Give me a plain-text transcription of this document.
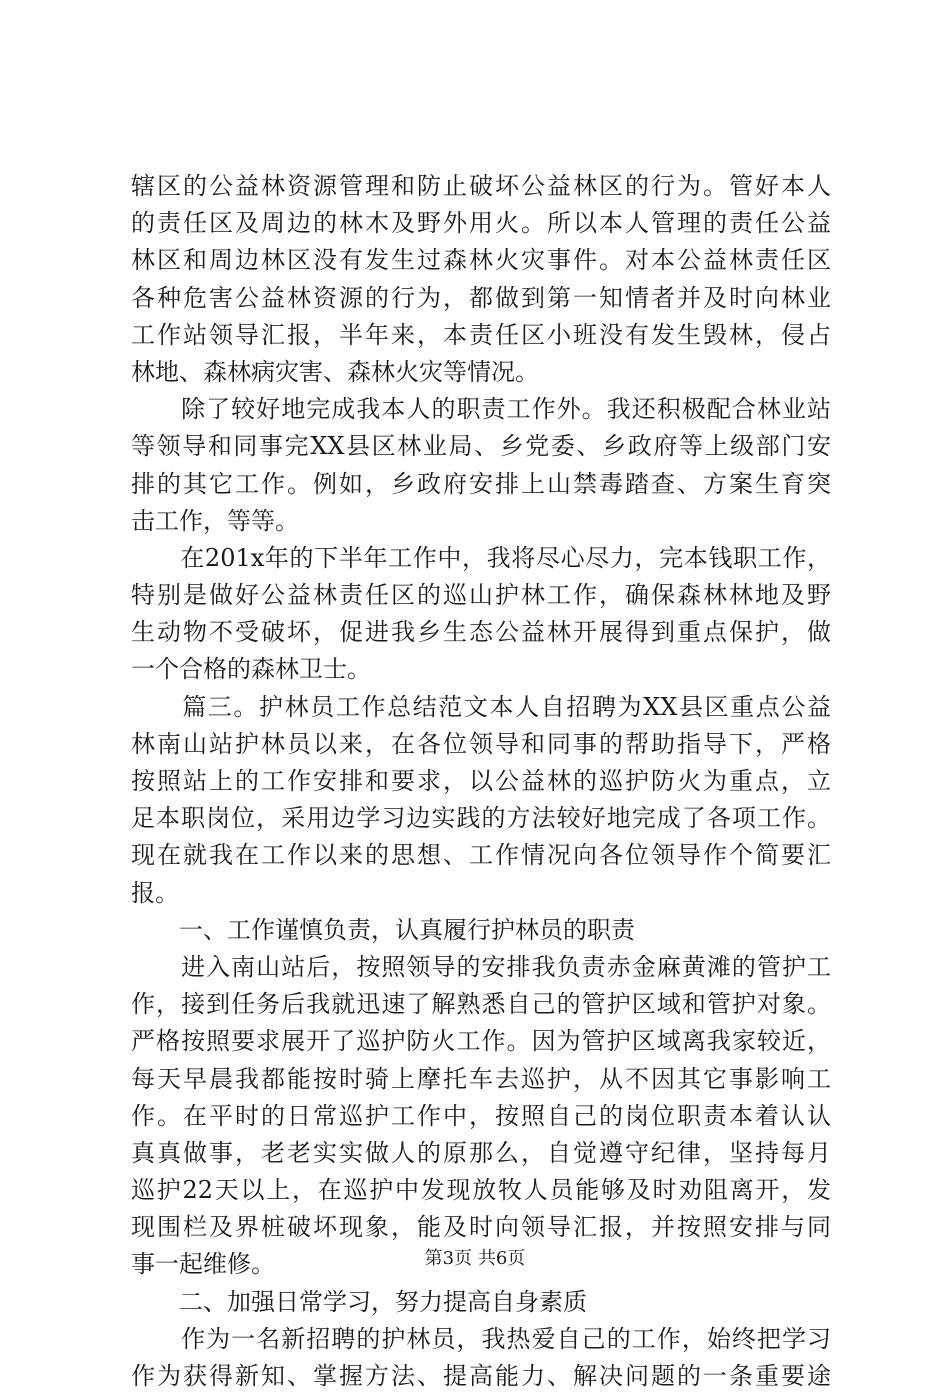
辖区的公益林资源管理和防止破坏公益林区的行为。管好本人
的责任区及周边的林木及野外用火。所以本人管理的责任公益
林区和周边林区没有发生过森林火灾事件。对本公益林责任区
各种危害公益林资源的行为，都做到第一知情者并及时向林业
工作站领导汇报，半年来，本责任区小班没有发生毁林，侵占
林地、森林病灾害、森林火灾等情况。
　　除了较好地完成我本人的职责工作外。我还积极配合林业站
等领导和同事完XX县区林业局、乡党委、乡政府等上级部门安
排的其它工作。例如，乡政府安排上山禁毒踏查、方案生育突
击工作，等等。
　　在201x年的下半年工作中，我将尽心尽力，完本钱职工作，
特别是做好公益林责任区的巡山护林工作，确保森林林地及野
生动物不受破坏，促进我乡生态公益林开展得到重点保护，做
一个合格的森林卫士。
　　篇三。护林员工作总结范文本人自招聘为XX县区重点公益
林南山站护林员以来，在各位领导和同事的帮助指导下，严格
按照站上的工作安排和要求，以公益林的巡护防火为重点，立
足本职岗位，采用边学习边实践的方法较好地完成了各项工作。
现在就我在工作以来的思想、工作情况向各位领导作个简要汇
报。
　　一、工作谨慎负责，认真履行护林员的职责
　　进入南山站后，按照领导的安排我负责赤金麻黄滩的管护工
作，接到任务后我就迅速了解熟悉自己的管护区域和管护对象。
严格按照要求展开了巡护防火工作。因为管护区域离我家较近，
每天早晨我都能按时骑上摩托车去巡护，从不因其它事影响工
作。在平时的日常巡护工作中，按照自己的岗位职责本着认认
真真做事，老老实实做人的原那么，自觉遵守纪律，坚持每月
巡护22天以上，在巡护中发现放牧人员能够及时劝阻离开，发
现围栏及界桩破坏现象，能及时向领导汇报，并按照安排与同
事一起维修。
　　二、加强日常学习，努力提高自身素质
　　作为一名新招聘的护林员，我热爱自己的工作，始终把学习
作为获得新知、掌握方法、提高能力、解决问题的一条重要途
第3页 共6页
